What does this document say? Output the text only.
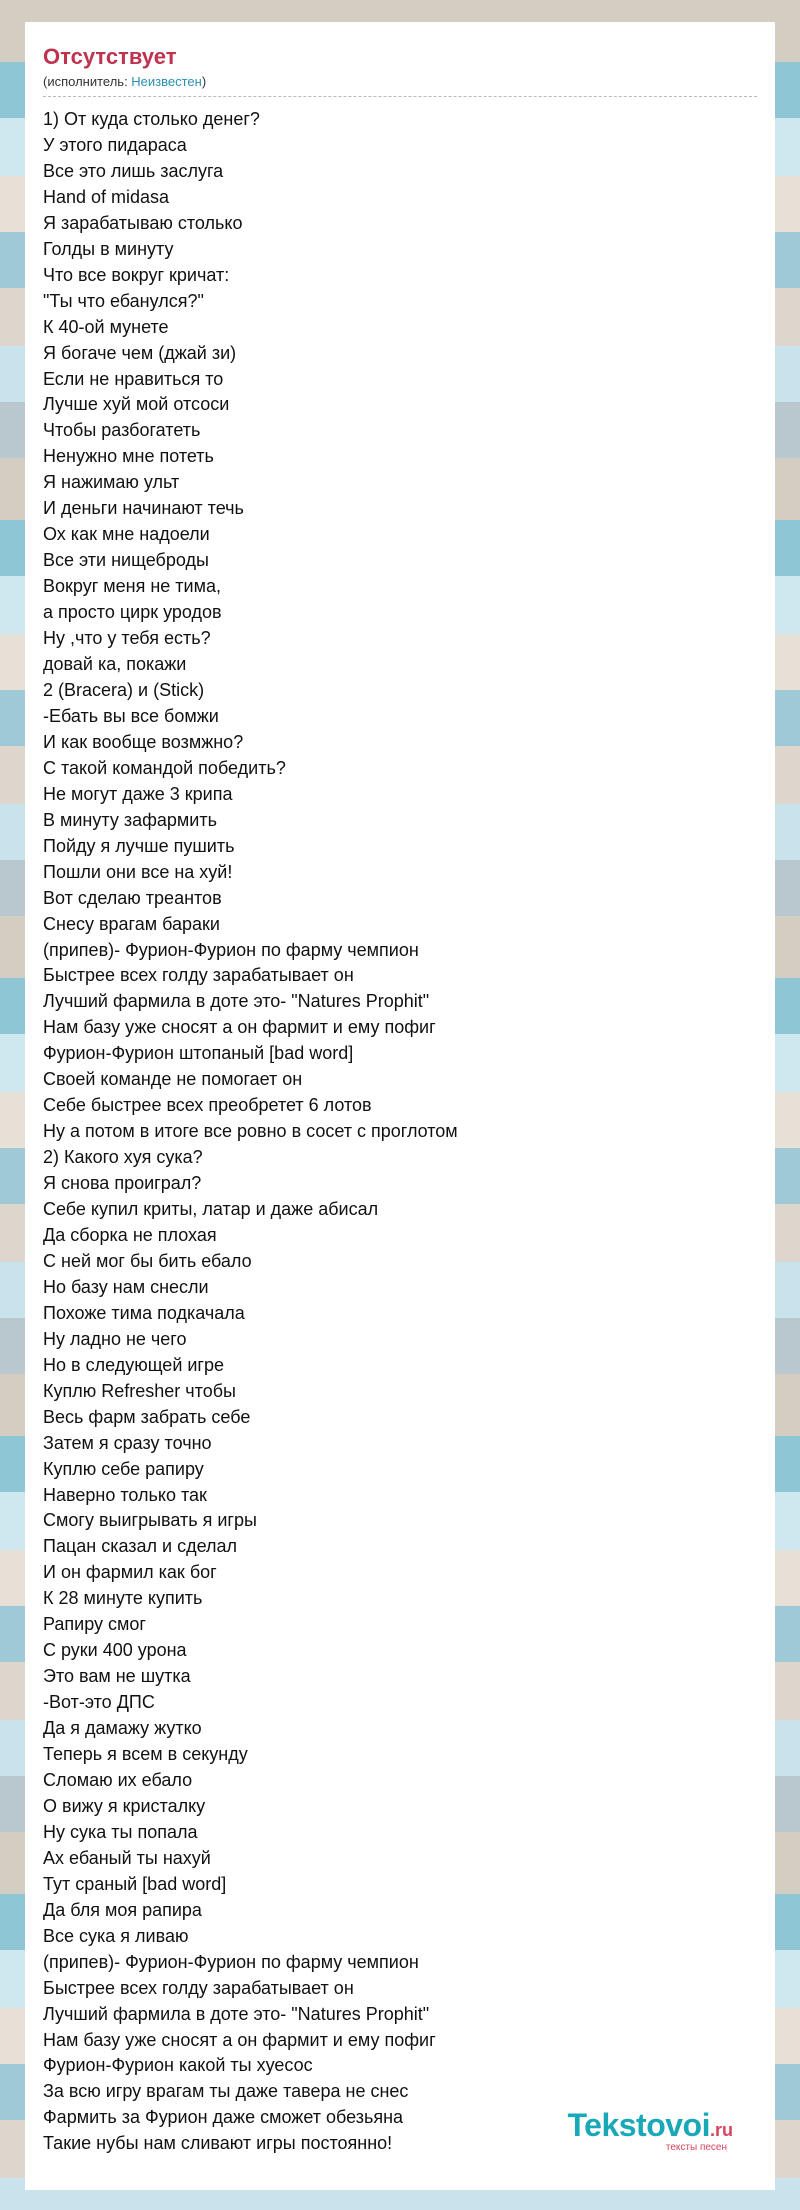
Отсутствует
(исполнитель: Неизвестен)
1) От куда столько денег?
У этого пидараса
Все это лишь заслуга
Hand of midasa
Я зарабатываю столько
Голды в минуту
Что все вокруг кричат:
"Ты что ебанулся?"
К 40-ой мунете
Я богаче чем (джай зи)
Если не нравиться то
Лучше хуй мой отсоси
Чтобы разбогатеть
Ненужно мне потеть
Я нажимаю ульт
И деньги начинают течь
Ох как мне надоели
Все эти нищеброды
Вокруг меня не тима,
а просто цирк уродов
Ну ,что у тебя есть?
довай ка, покажи
2 (Bracera) и (Stick)
-Ебать вы все бомжи
И как вообще возмжно?
С такой командой победить?
Не могут даже 3 крипа
В минуту зафармить
Пойду я лучше пушить
Пошли они все на хуй!
Вот сделаю треантов
Снесу врагам бараки
(припев)- Фурион-Фурион по фарму чемпион
Быстрее всех голду зарабатывает он
Лучший фармила в доте это- "Natures Prophit"
Нам базу уже сносят а он фармит и ему пофиг
Фурион-Фурион штопаный [bad word]
Своей команде не помогает он
Себе быстрее всех преобретет 6 лотов
Ну а потом в итоге все ровно в сосет с проглотом
2) Какого хуя сука?
Я снова проиграл?
Себе купил криты, латар и даже абисал
Да сборка не плохая
С ней мог бы бить ебало
Но базу нам снесли
Похоже тима подкачала
Ну ладно не чего
Но в следующей игре
Куплю Refresher чтобы
Весь фарм забрать себе
Затем я сразу точно
Куплю себе рапиру
Наверно только так
Смогу выигрывать я игры
Пацан сказал и сделал
И он фармил как бог
К 28 минуте купить
Рапиру смог
С руки 400 урона
Это вам не шутка
-Вот-это ДПС
Да я дамажу жутко
Теперь я всем в секунду
Сломаю их ебало
О вижу я кристалку
Ну сука ты попала
Ах ебаный ты нахуй
Тут сраный [bad word]
Да бля моя рапира
Все сука я ливаю
(припев)- Фурион-Фурион по фарму чемпион
Быстрее всех голду зарабатывает он
Лучший фармила в доте это- "Natures Prophit"
Нам базу уже сносят а он фармит и ему пофиг
Фурион-Фурион какой ты хуесос
За всю игру врагам ты даже тавера не снес
Фармить за Фурион даже сможет обезьяна
Такие нубы нам сливают игры постоянно!
Tekstovoi.ru
тексты песен
